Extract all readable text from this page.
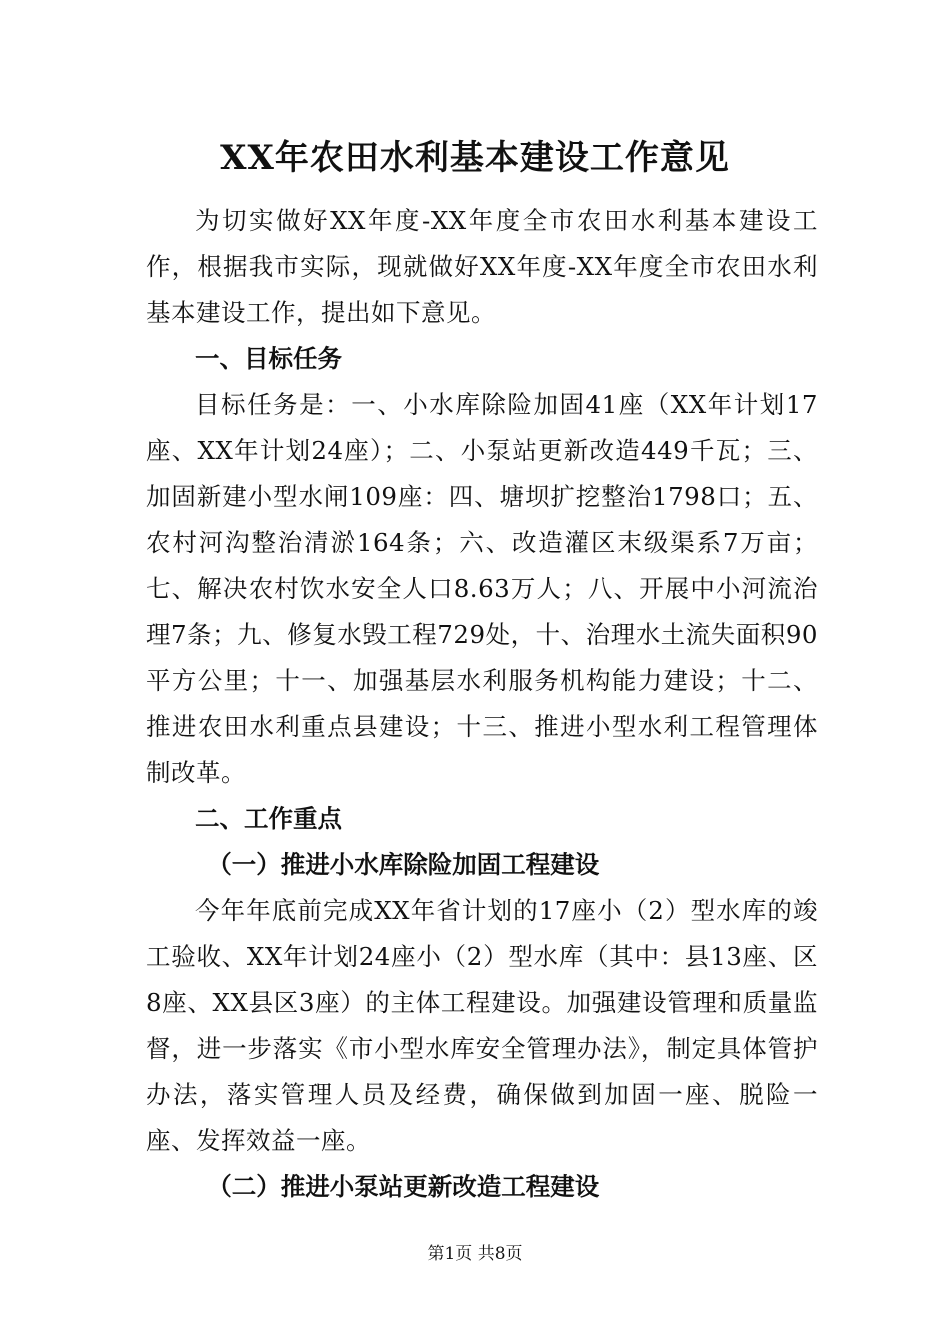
XX年农田水利基本建设工作意见

为切实做好XX年度-XX年度全市农田水利基本建设工作，根据我市实际，现就做好XX年度-XX年度全市农田水利基本建设工作，提出如下意见。

一、目标任务

目标任务是：一、小水库除险加固41座（XX年计划17座、XX年计划24座）；二、小泵站更新改造449千瓦；三、加固新建小型水闸109座：四、塘坝扩挖整治1798口；五、农村河沟整治清淤164条；六、改造灌区末级渠系7万亩；七、解决农村饮水安全人口8.63万人；八、开展中小河流治理7条；九、修复水毁工程729处，十、治理水土流失面积90平方公里；十一、加强基层水利服务机构能力建设；十二、推进农田水利重点县建设；十三、推进小型水利工程管理体制改革。

二、工作重点

（一）推进小水库除险加固工程建设

今年年底前完成XX年省计划的17座小（2）型水库的竣工验收、XX年计划24座小（2）型水库（其中：县13座、区8座、XX县区3座）的主体工程建设。加强建设管理和质量监督，进一步落实《市小型水库安全管理办法》，制定具体管护办法，落实管理人员及经费，确保做到加固一座、脱险一座、发挥效益一座。

（二）推进小泵站更新改造工程建设

第1页 共8页
